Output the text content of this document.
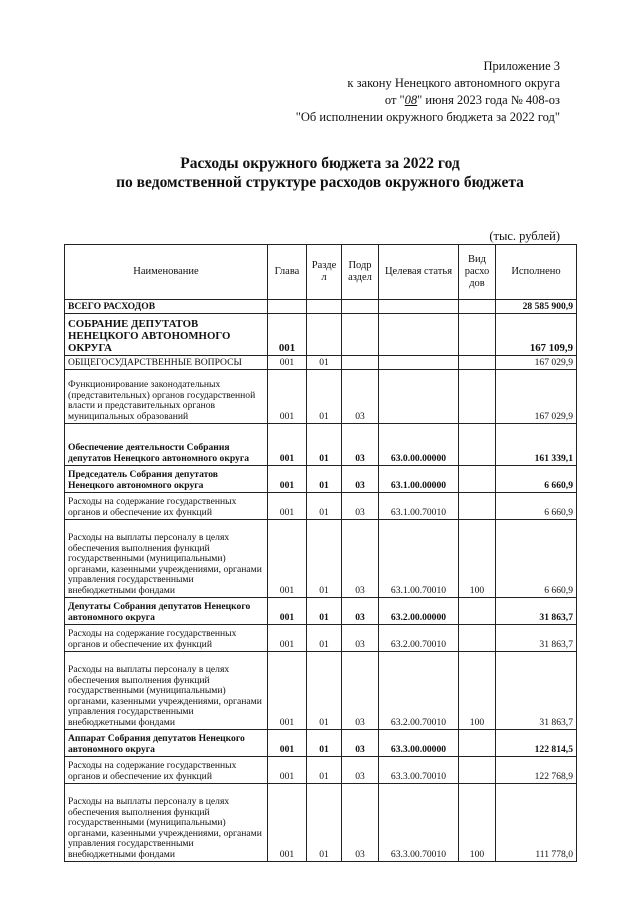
Приложение 3
к закону Ненецкого автономного округа
от "08" июня 2023 года № 408-оз
"Об исполнении окружного бюджета за 2022 год"
Расходы окружного бюджета за 2022 год
по ведомственной структуре расходов окружного бюджета
(тыс. рублей)
Наименование	Глава	Разде л	Подр аздел	Целевая статья	Вид расхо дов	Исполнено
ВСЕГО РАСХОДОВ						28 585 900,9
СОБРАНИЕ ДЕПУТАТОВ НЕНЕЦКОГО АВТОНОМНОГО ОКРУГА	001					167 109,9
ОБЩЕГОСУДАРСТВЕННЫЕ ВОПРОСЫ	001	01				167 029,9
Функционирование законодательных (представительных) органов государственной власти и представительных органов муниципальных образований	001	01	03			167 029,9
Обеспечение деятельности Собрания депутатов Ненецкого автономного округа	001	01	03	63.0.00.00000		161 339,1
Председатель Собрания депутатов Ненецкого автономного округа	001	01	03	63.1.00.00000		6 660,9
Расходы на содержание государственных органов и обеспечение их функций	001	01	03	63.1.00.70010		6 660,9
Расходы на выплаты персоналу в целях обеспечения выполнения функций государственными (муниципальными) органами, казенными учреждениями, органами управления государственными внебюджетными фондами	001	01	03	63.1.00.70010	100	6 660,9
Депутаты Собрания депутатов Ненецкого автономного округа	001	01	03	63.2.00.00000		31 863,7
Расходы на содержание государственных органов и обеспечение их функций	001	01	03	63.2.00.70010		31 863,7
Расходы на выплаты персоналу в целях обеспечения выполнения функций государственными (муниципальными) органами, казенными учреждениями, органами управления государственными внебюджетными фондами	001	01	03	63.2.00.70010	100	31 863,7
Аппарат Собрания депутатов Ненецкого автономного округа	001	01	03	63.3.00.00000		122 814,5
Расходы на содержание государственных органов и обеспечение их функций	001	01	03	63.3.00.70010		122 768,9
Расходы на выплаты персоналу в целях обеспечения выполнения функций государственными (муниципальными) органами, казенными учреждениями, органами управления государственными внебюджетными фондами	001	01	03	63.3.00.70010	100	111 778,0
